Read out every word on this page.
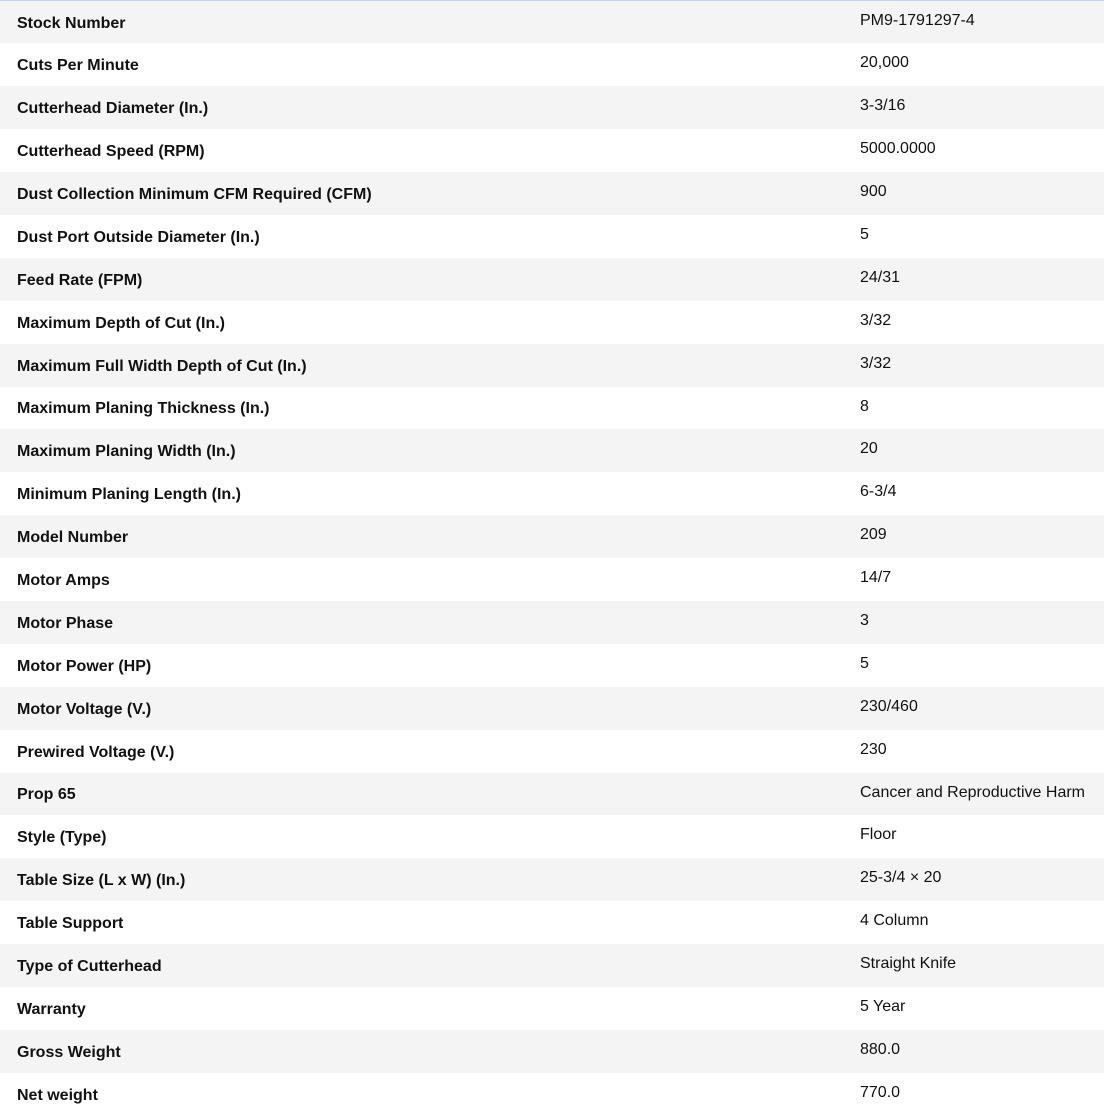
Stock Number	PM9-1791297-4
Cuts Per Minute	20,000
Cutterhead Diameter (In.)	3-3/16
Cutterhead Speed (RPM)	5000.0000
Dust Collection Minimum CFM Required (CFM)	900
Dust Port Outside Diameter (In.)	5
Feed Rate (FPM)	24/31
Maximum Depth of Cut (In.)	3/32
Maximum Full Width Depth of Cut (In.)	3/32
Maximum Planing Thickness (In.)	8
Maximum Planing Width (In.)	20
Minimum Planing Length (In.)	6-3/4
Model Number	209
Motor Amps	14/7
Motor Phase	3
Motor Power (HP)	5
Motor Voltage (V.)	230/460
Prewired Voltage (V.)	230
Prop 65	Cancer and Reproductive Harm
Style (Type)	Floor
Table Size (L x W) (In.)	25-3/4 × 20
Table Support	4 Column
Type of Cutterhead	Straight Knife
Warranty	5 Year
Gross Weight	880.0
Net weight	770.0
